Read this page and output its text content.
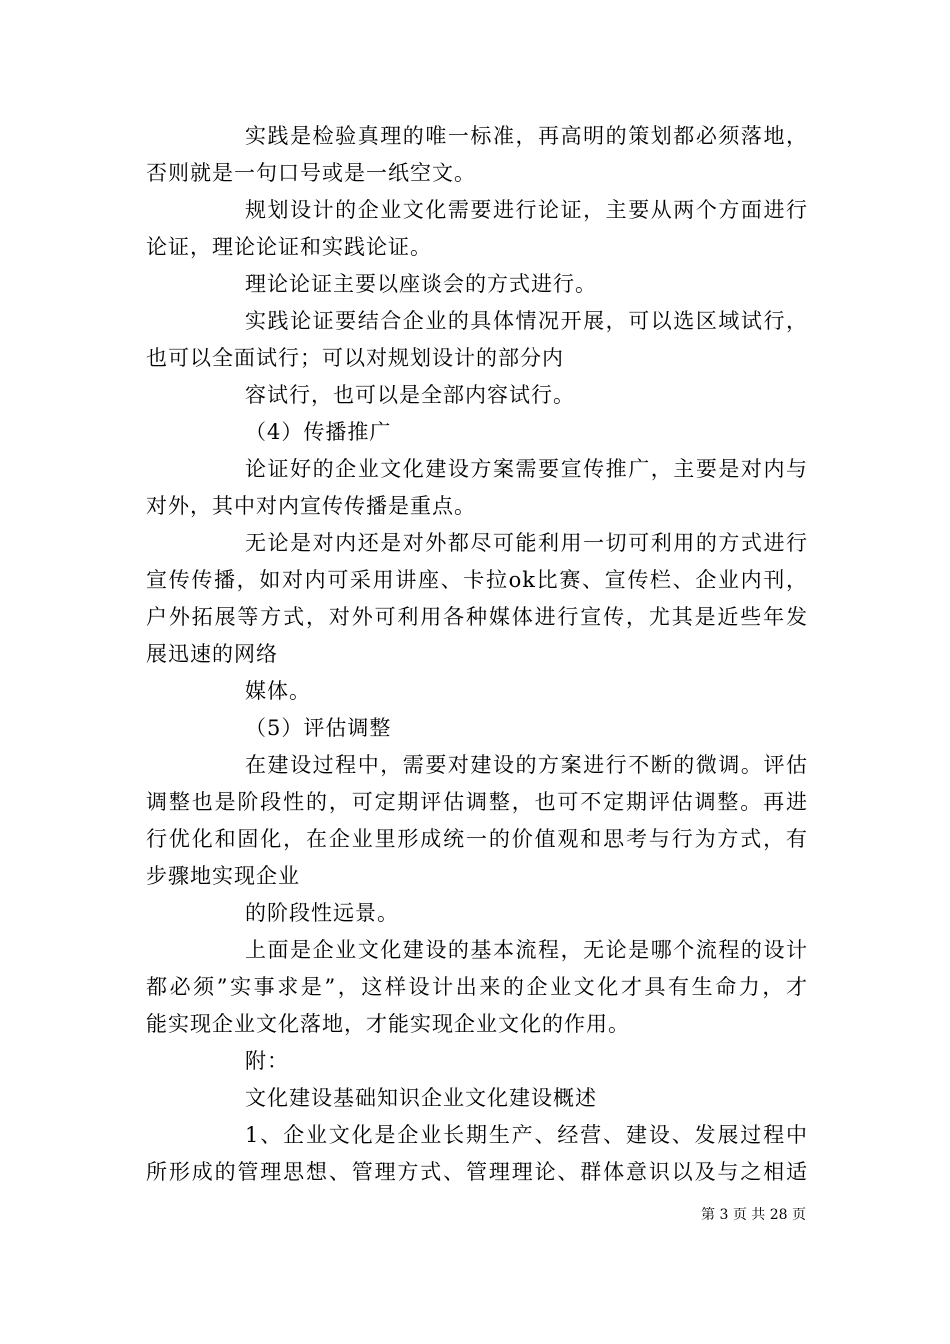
实践是检验真理的唯一标准，再高明的策划都必须落地，
否则就是一句口号或是一纸空文。
规划设计的企业文化需要进行论证，主要从两个方面进行
论证，理论论证和实践论证。
理论论证主要以座谈会的方式进行。
实践论证要结合企业的具体情况开展，可以选区域试行，
也可以全面试行；可以对规划设计的部分内
容试行，也可以是全部内容试行。
（4）传播推广
论证好的企业文化建设方案需要宣传推广，主要是对内与
对外，其中对内宣传传播是重点。
无论是对内还是对外都尽可能利用一切可利用的方式进行
宣传传播，如对内可采用讲座、卡拉ok比赛、宣传栏、企业内刊，
户外拓展等方式，对外可利用各种媒体进行宣传，尤其是近些年发
展迅速的网络
媒体。
（5）评估调整
在建设过程中，需要对建设的方案进行不断的微调。评估
调整也是阶段性的，可定期评估调整，也可不定期评估调整。再进
行优化和固化，在企业里形成统一的价值观和思考与行为方式，有
步骤地实现企业
的阶段性远景。
上面是企业文化建设的基本流程，无论是哪个流程的设计
都必须”实事求是”，这样设计出来的企业文化才具有生命力，才
能实现企业文化落地，才能实现企业文化的作用。
附：
文化建设基础知识企业文化建设概述
1、企业文化是企业长期生产、经营、建设、发展过程中
所形成的管理思想、管理方式、管理理论、群体意识以及与之相适
第 3 页 共 28 页
